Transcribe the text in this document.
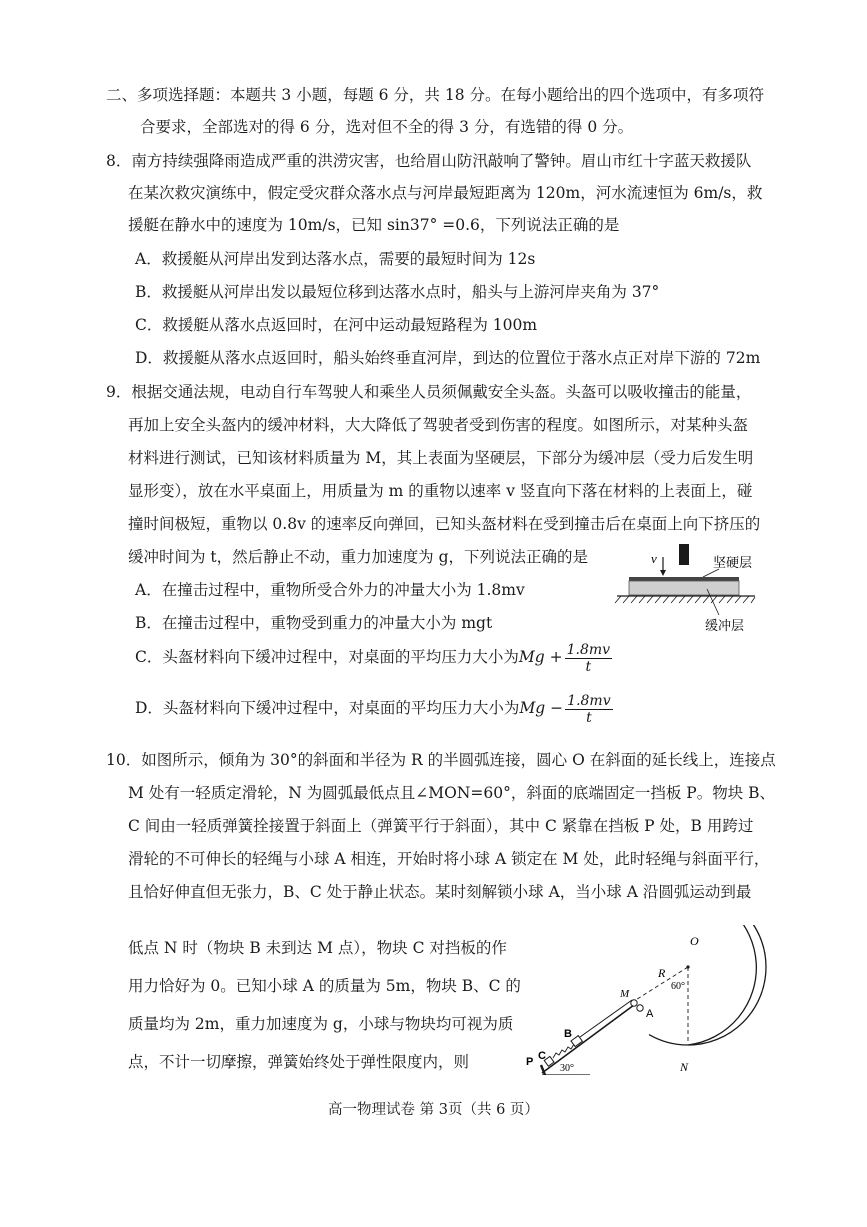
二、多项选择题：本题共 3 小题，每题 6 分，共 18 分。在每小题给出的四个选项中，有多项符
合要求，全部选对的得 6 分，选对但不全的得 3 分，有选错的得 0 分。
8．南方持续强降雨造成严重的洪涝灾害，也给眉山防汛敲响了警钟。眉山市红十字蓝天救援队
在某次救灾演练中，假定受灾群众落水点与河岸最短距离为 120m，河水流速恒为 6m/s，救
援艇在静水中的速度为 10m/s，已知 sin37° =0.6，下列说法正确的是
A．救援艇从河岸出发到达落水点，需要的最短时间为 12s
B．救援艇从河岸出发以最短位移到达落水点时，船头与上游河岸夹角为 37°
C．救援艇从落水点返回时，在河中运动最短路程为 100m
D．救援艇从落水点返回时，船头始终垂直河岸，到达的位置位于落水点正对岸下游的 72m
9．根据交通法规，电动自行车驾驶人和乘坐人员须佩戴安全头盔。头盔可以吸收撞击的能量，
再加上安全头盔内的缓冲材料，大大降低了驾驶者受到伤害的程度。如图所示，对某种头盔
材料进行测试，已知该材料质量为 M，其上表面为坚硬层，下部分为缓冲层（受力后发生明
显形变），放在水平桌面上，用质量为 m 的重物以速率 v 竖直向下落在材料的上表面上，碰
撞时间极短，重物以 0.8v 的速率反向弹回，已知头盔材料在受到撞击后在桌面上向下挤压的
缓冲时间为 t，然后静止不动，重力加速度为 g，下列说法正确的是
A．在撞击过程中，重物所受合外力的冲量大小为 1.8mv
B．在撞击过程中，重物受到重力的冲量大小为 mgt
C．头盔材料向下缓冲过程中，对桌面的平均压力大小为$Mg + \frac{1.8mv}{t}$
D．头盔材料向下缓冲过程中，对桌面的平均压力大小为$Mg - \frac{1.8mv}{t}$
v	坚硬层
缓冲层
10．如图所示，倾角为 30°的斜面和半径为 R 的半圆弧连接，圆心 O 在斜面的延长线上，连接点
M 处有一轻质定滑轮，N 为圆弧最低点且∠MON=60°，斜面的底端固定一挡板 P。物块 B、
C 间由一轻质弹簧拴接置于斜面上（弹簧平行于斜面），其中 C 紧靠在挡板 P 处，B 用跨过
滑轮的不可伸长的轻绳与小球 A 相连，开始时将小球 A 锁定在 M 处，此时轻绳与斜面平行，
且恰好伸直但无张力，B、C 处于静止状态。某时刻解锁小球 A，当小球 A 沿圆弧运动到最
低点 N 时（物块 B 未到达 M 点），物块 C 对挡板的作
用力恰好为 0。已知小球 A 的质量为 5m，物块 B、C 的
质量均为 2m，重力加速度为 g，小球与物块均可视为质
点，不计一切摩擦，弹簧始终处于弹性限度内，则
O
R
60°
N
30°
P C
B
M
A
高一物理试卷 第 3页（共 6 页）
